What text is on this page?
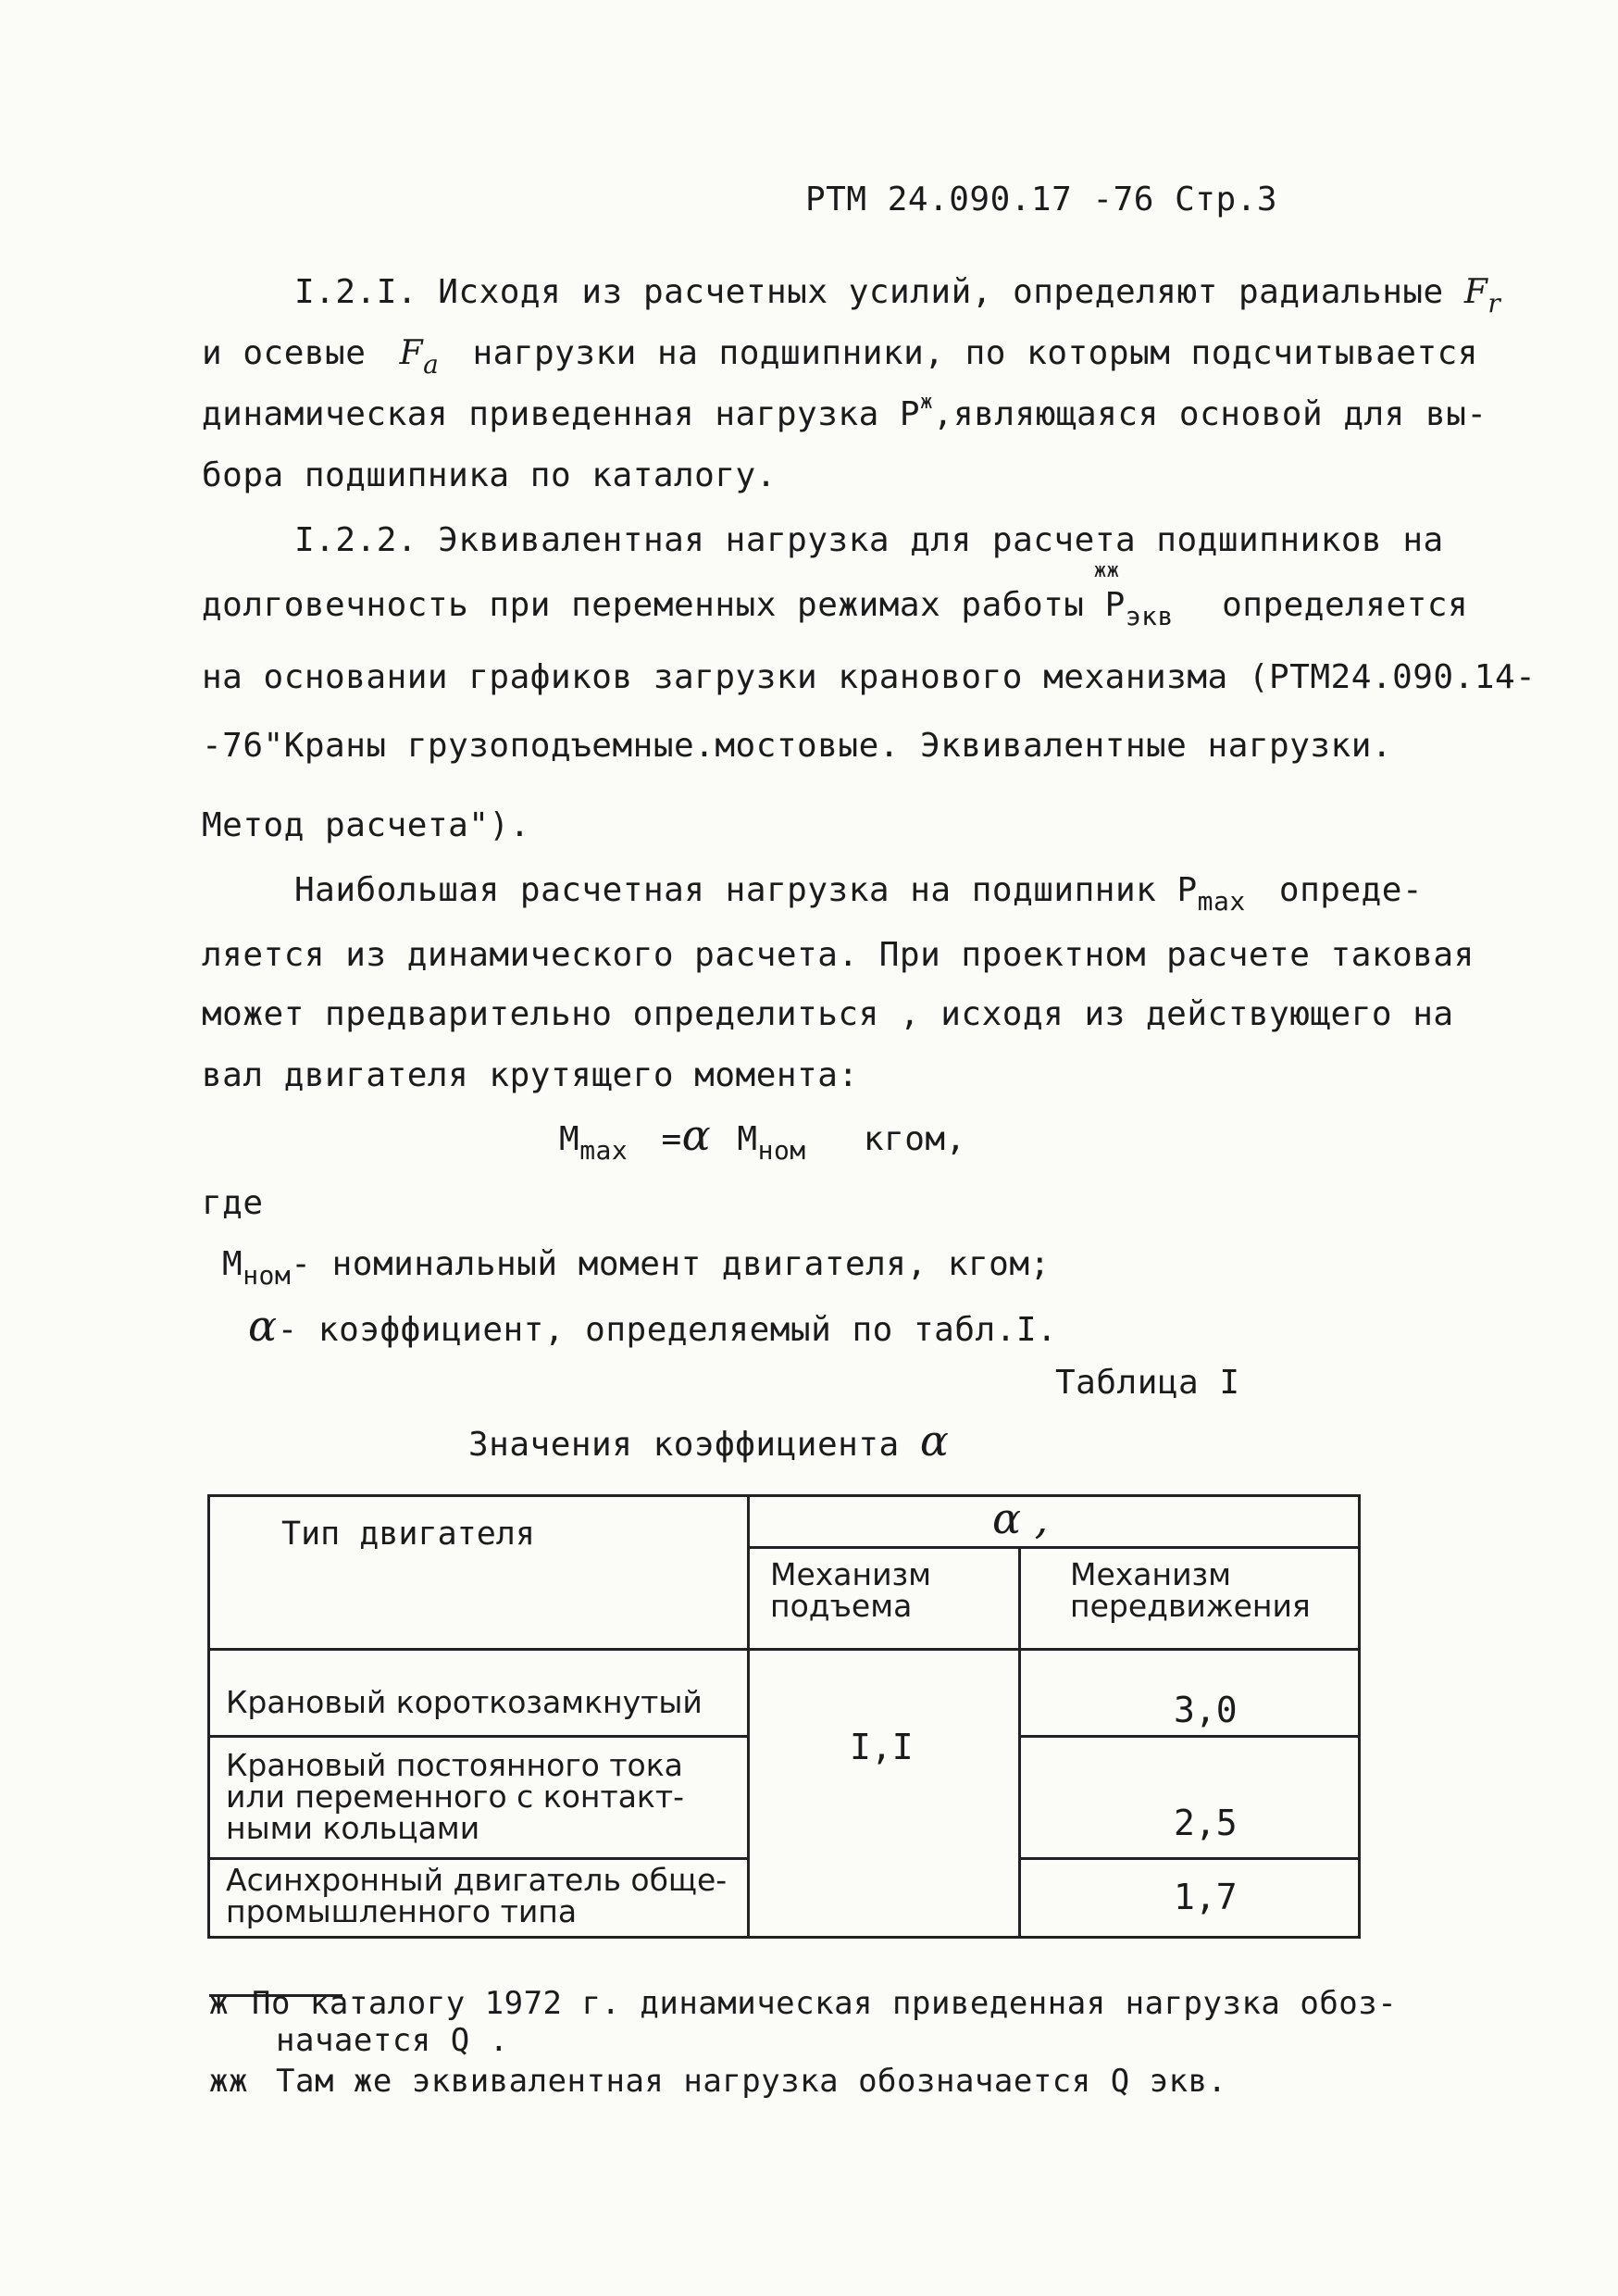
РТМ 24.090.17 -76 Стр.3
I.2.I. Исходя из расчетных усилий, определяют радиальные $F_r$
и осевые $F_a$ нагрузки на подшипники, по которым подсчитывается
динамическая приведенная нагрузка $P^ж,являющаяся$ основой для вы-
бора подшипника по каталогу.
I.2.2. Эквивалентная нагрузка для расчета подшипников на
долговечность при переменных режимах работы P
жж
$_{экв}$ определяется
на основании графиков загрузки кранового механизма (РТМ24.090.14-
-76"Краны грузоподъемные.мостовые. Эквивалентные нагрузки.
Метод расчета").
Наибольшая расчетная нагрузка на подшипник $P_{max}$ опреде-
ляется из динамического расчета. При проектном расчете таковая
может предварительно определиться , исходя из действующего на
вал двигателя крутящего момента:
$M_{max} =\alpha$ $M_{ном}$ кгом,
где
$M_{ном}-$ номинальный момент двигателя, кгом;
α- коэффициент, определяемый по табл.I.
Таблица I
Значения коэффициента α
Тип двигателя	α ,
Механизм
подъема
Механизм
передвижения
Крановый короткозамкнутый
Крановый постоянного тока
или переменного с контакт-
ными кольцами
Асинхронный двигатель обще-
промышленного типа
I,I
3,0
2,5
1,7
ж По каталогу 1972 г. динамическая приведенная нагрузка обоз-
начается Q .
жж Там же эквивалентная нагрузка обозначается Q экв.
